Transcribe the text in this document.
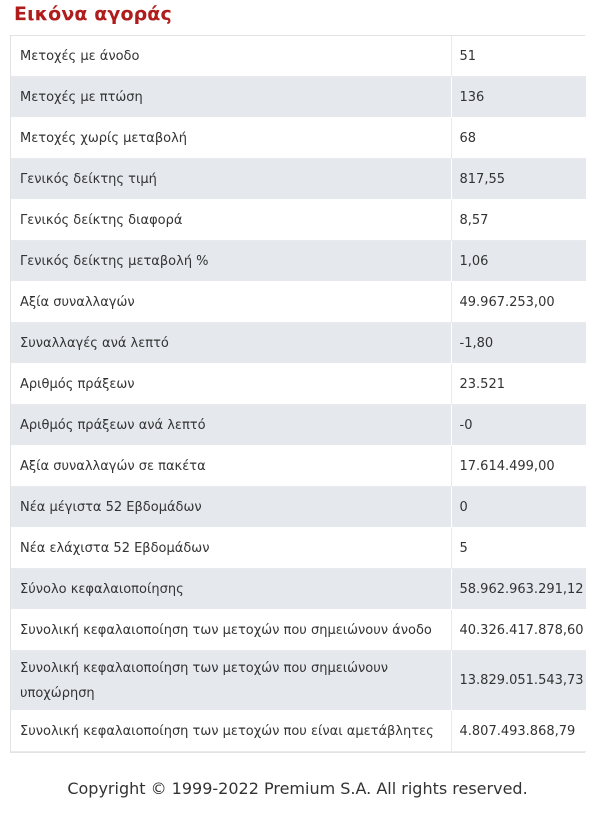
Εικόνα αγοράς
Μετοχές με άνοδο	51
Μετοχές με πτώση	136
Μετοχές χωρίς μεταβολή	68
Γενικός δείκτης τιμή	817,55
Γενικός δείκτης διαφορά	8,57
Γενικός δείκτης μεταβολή %	1,06
Αξία συναλλαγών	49.967.253,00
Συναλλαγές ανά λεπτό	-1,80
Αριθμός πράξεων	23.521
Αριθμός πράξεων ανά λεπτό	-0
Αξία συναλλαγών σε πακέτα	17.614.499,00
Νέα μέγιστα 52 Εβδομάδων	0
Νέα ελάχιστα 52 Εβδομάδων	5
Σύνολο κεφαλαιοποίησης	58.962.963.291,12
Συνολική κεφαλαιοποίηση των μετοχών που σημειώνουν άνοδο	40.326.417.878,60
Συνολική κεφαλαιοποίηση των μετοχών που σημειώνουν υποχώρηση	13.829.051.543,73
Συνολική κεφαλαιοποίηση των μετοχών που είναι αμετάβλητες	4.807.493.868,79
Copyright © 1999-2022 Premium S.A. All rights reserved.
